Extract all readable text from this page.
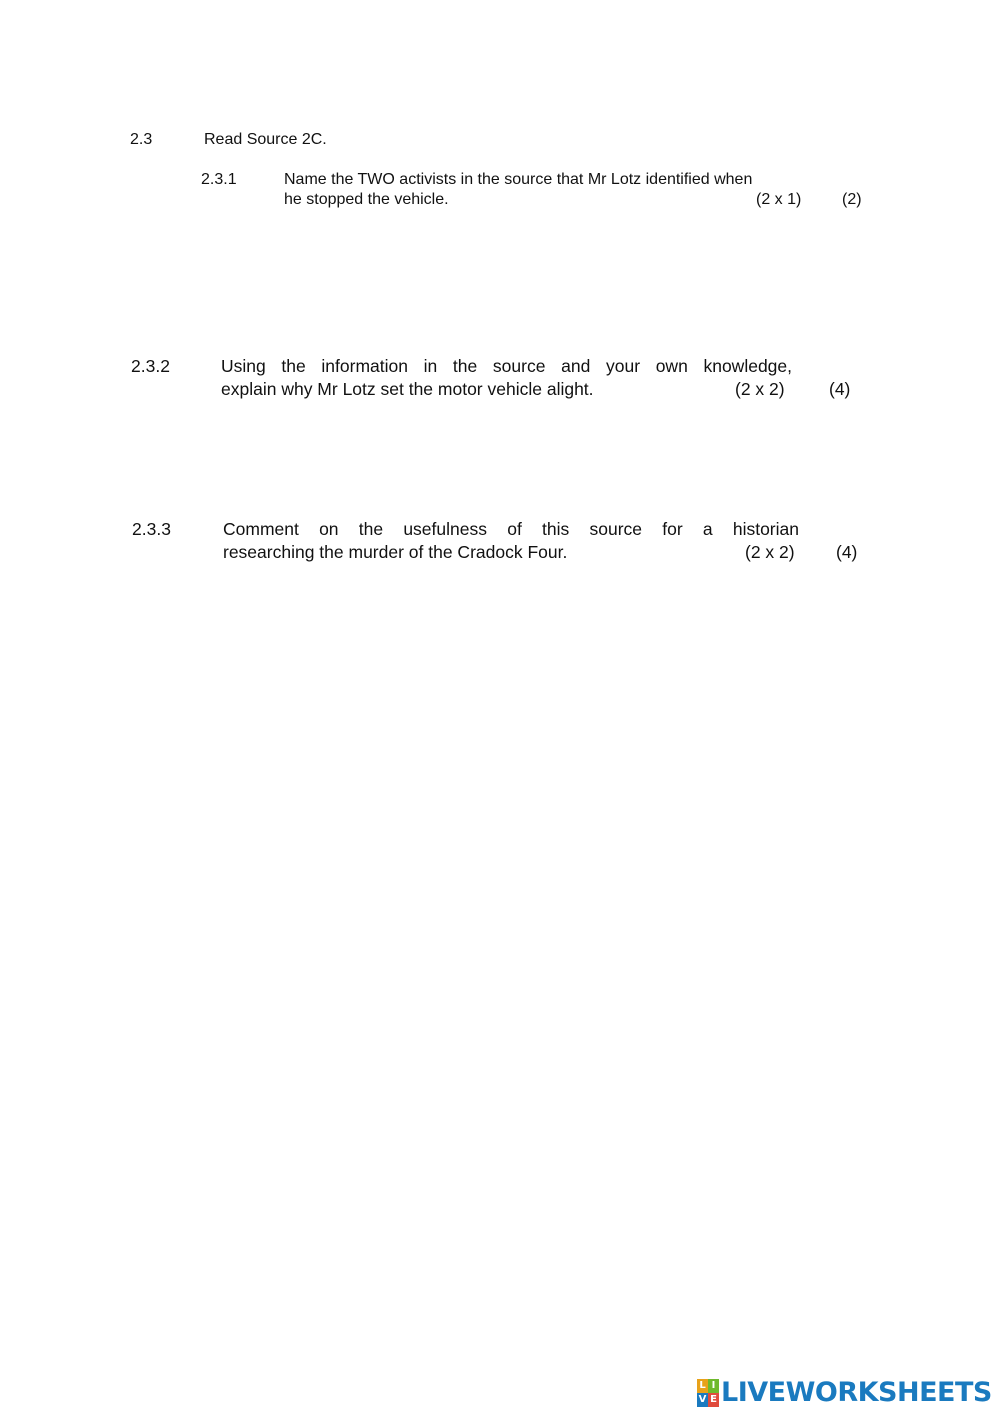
2.3	Read Source 2C.
2.3.1	Name the TWO activists in the source that Mr Lotz identified when
he stopped the vehicle.	(2 x 1)	(2)
2.3.2	Using the information in the source and your own knowledge,
explain why Mr Lotz set the motor vehicle alight.	(2 x 2)	(4)
2.3.3	Comment on the usefulness of this source for a historian
researching the murder of the Cradock Four.	(2 x 2) (4)
L I
V E LIVEWORKSHEETS
